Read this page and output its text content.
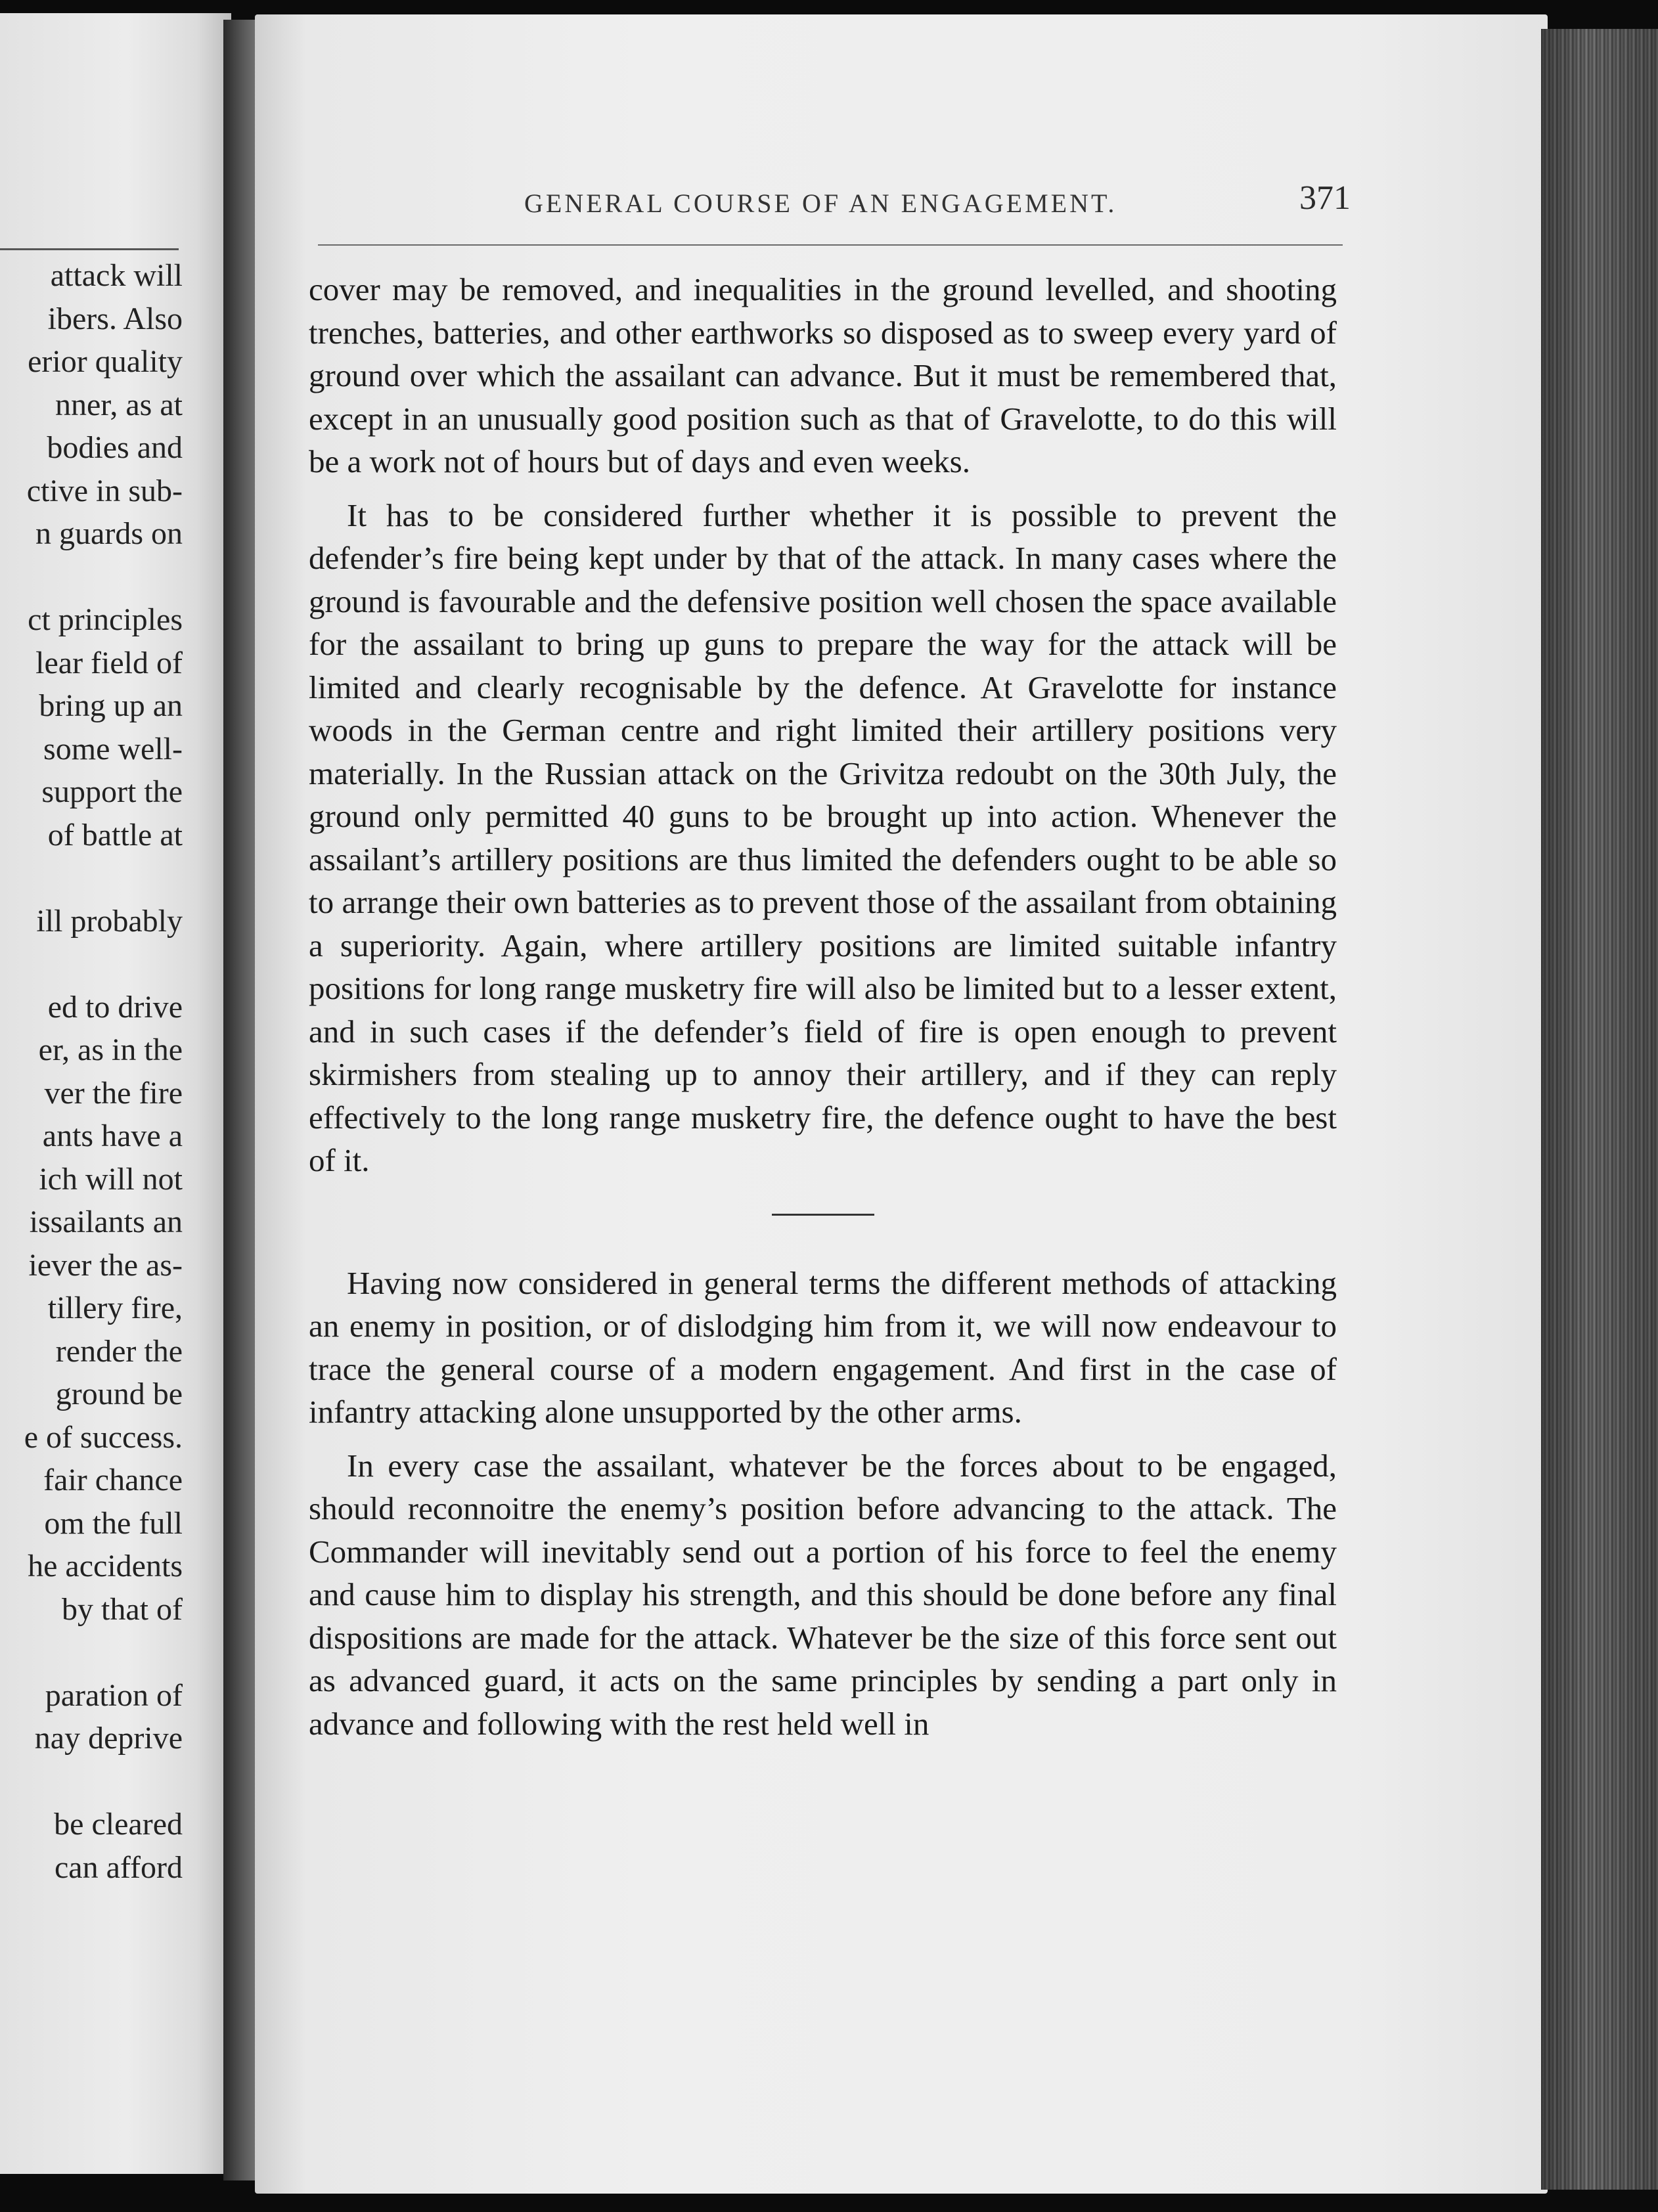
attack will
ibers. Also
erior quality
nner, as at
bodies and
ctive in sub-
n guards on
ct principles
lear field of
bring up an
some well-
support the
of battle at
ill probably
ed to drive
er, as in the
ver the fire
ants have a
ich will not
issailants an
iever the as-
tillery fire,
render the
ground be
e of success.
fair chance
om the full
he accidents
by that of
paration of
nay deprive
be cleared
can afford
GENERAL COURSE OF AN ENGAGEMENT.	371

cover may be removed, and inequalities in the ground levelled, and shooting trenches, batteries, and other earthworks so disposed as to sweep every yard of ground over which the assailant can advance. But it must be remembered that, except in an unusually good position such as that of Gravelotte, to do this will be a work not of hours but of days and even weeks.

It has to be considered further whether it is possible to prevent the defender’s fire being kept under by that of the attack. In many cases where the ground is favourable and the defensive position well chosen the space available for the assailant to bring up guns to prepare the way for the attack will be limited and clearly recognisable by the defence. At Gravelotte for instance woods in the German centre and right limited their artillery positions very materially. In the Russian attack on the Grivitza redoubt on the 30th July, the ground only permitted 40 guns to be brought up into action. Whenever the assailant’s artillery positions are thus limited the defenders ought to be able so to arrange their own batteries as to prevent those of the assailant from obtaining a superiority. Again, where artillery positions are limited suitable infantry positions for long range musketry fire will also be limited but to a lesser extent, and in such cases if the defender’s field of fire is open enough to prevent skirmishers from stealing up to annoy their artillery, and if they can reply effectively to the long range musketry fire, the defence ought to have the best of it.

Having now considered in general terms the different methods of attacking an enemy in position, or of dislodging him from it, we will now endeavour to trace the general course of a modern engagement. And first in the case of infantry attacking alone unsupported by the other arms.

In every case the assailant, whatever be the forces about to be engaged, should reconnoitre the enemy’s position before advancing to the attack. The Commander will inevitably send out a portion of his force to feel the enemy and cause him to display his strength, and this should be done before any final dispositions are made for the attack. Whatever be the size of this force sent out as advanced guard, it acts on the same principles by sending a part only in advance and following with the rest held well in
